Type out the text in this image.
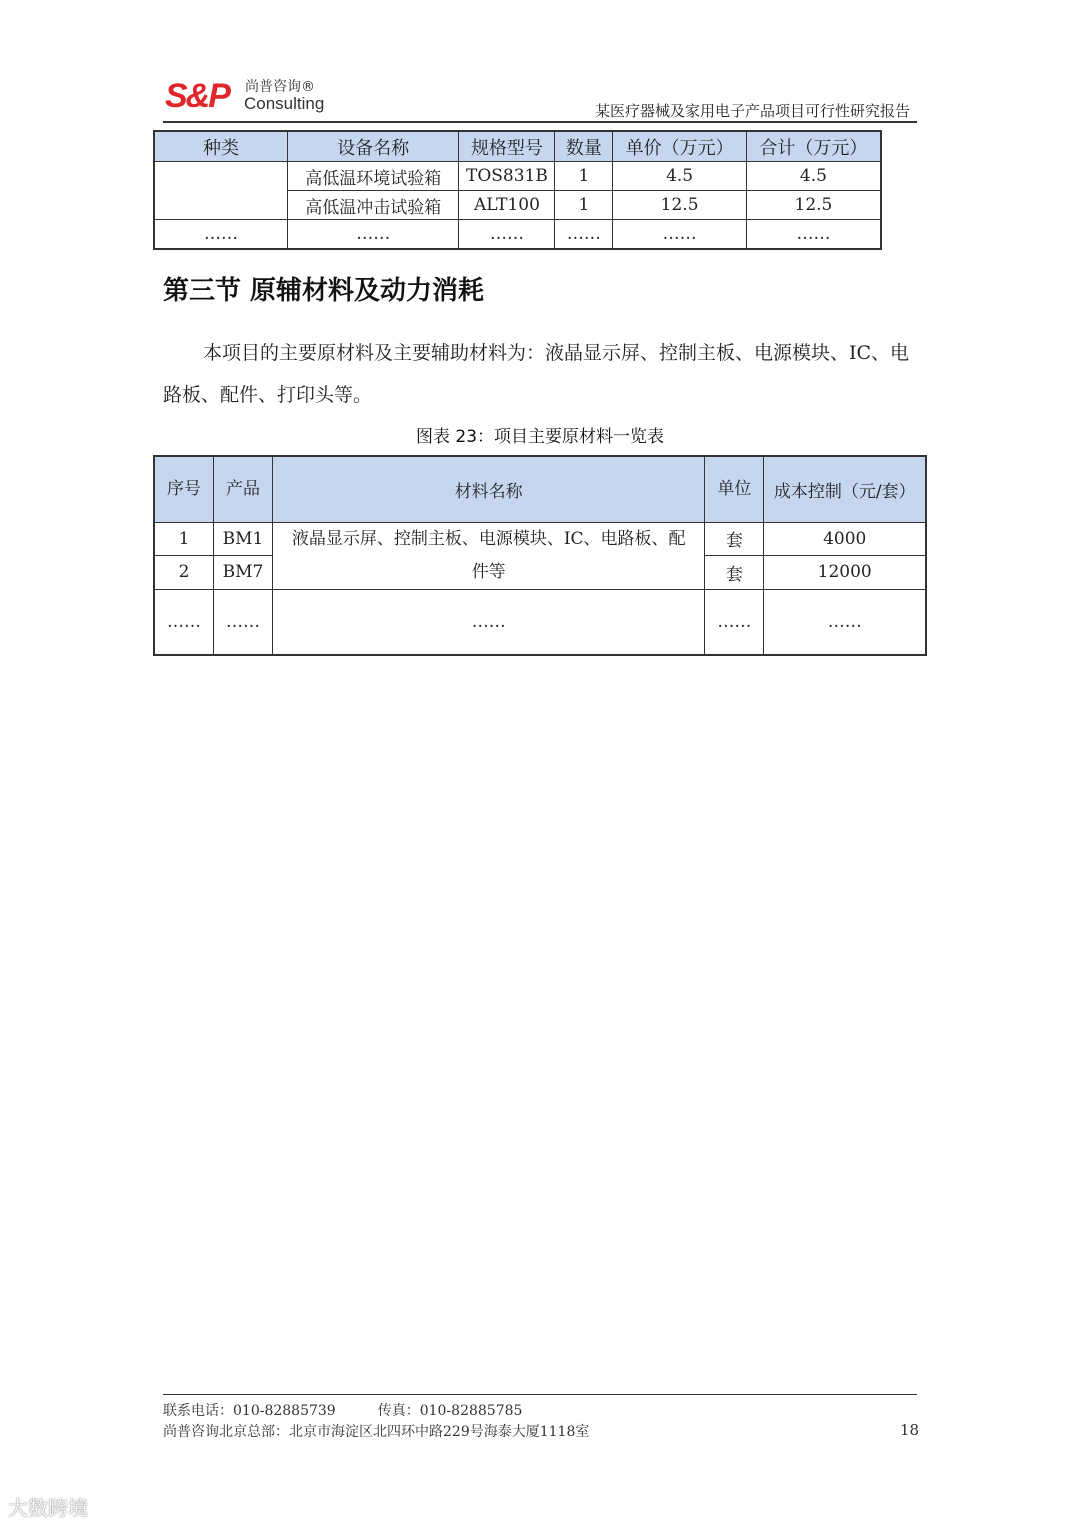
S&P 尚普咨询®
Consulting	某医疗器械及家用电子产品项目可行性研究报告
种类	设备名称	规格型号	数量	单价（万元）	合计（万元）
	高低温环境试验箱	TOS831B	1	4.5	4.5
	高低温冲击试验箱	ALT100	1	12.5	12.5
……	……	……	……	……	……
第三节 原辅材料及动力消耗
本项目的主要原材料及主要辅助材料为：液晶显示屏、控制主板、电源模块、IC、电路板、配件、打印头等。
图表 23：项目主要原材料一览表
序号	产品	材料名称	单位	成本控制（元/套）
1	BM1	液晶显示屏、控制主板、电源模块、IC、电路板、配件等	套	4000
2	BM7		套	12000
……	……	……	……	……
联系电话：010-82885739　　　传真：010-82885785
尚普咨询北京总部：北京市海淀区北四环中路229号海泰大厦1118室	18
大数跨境
